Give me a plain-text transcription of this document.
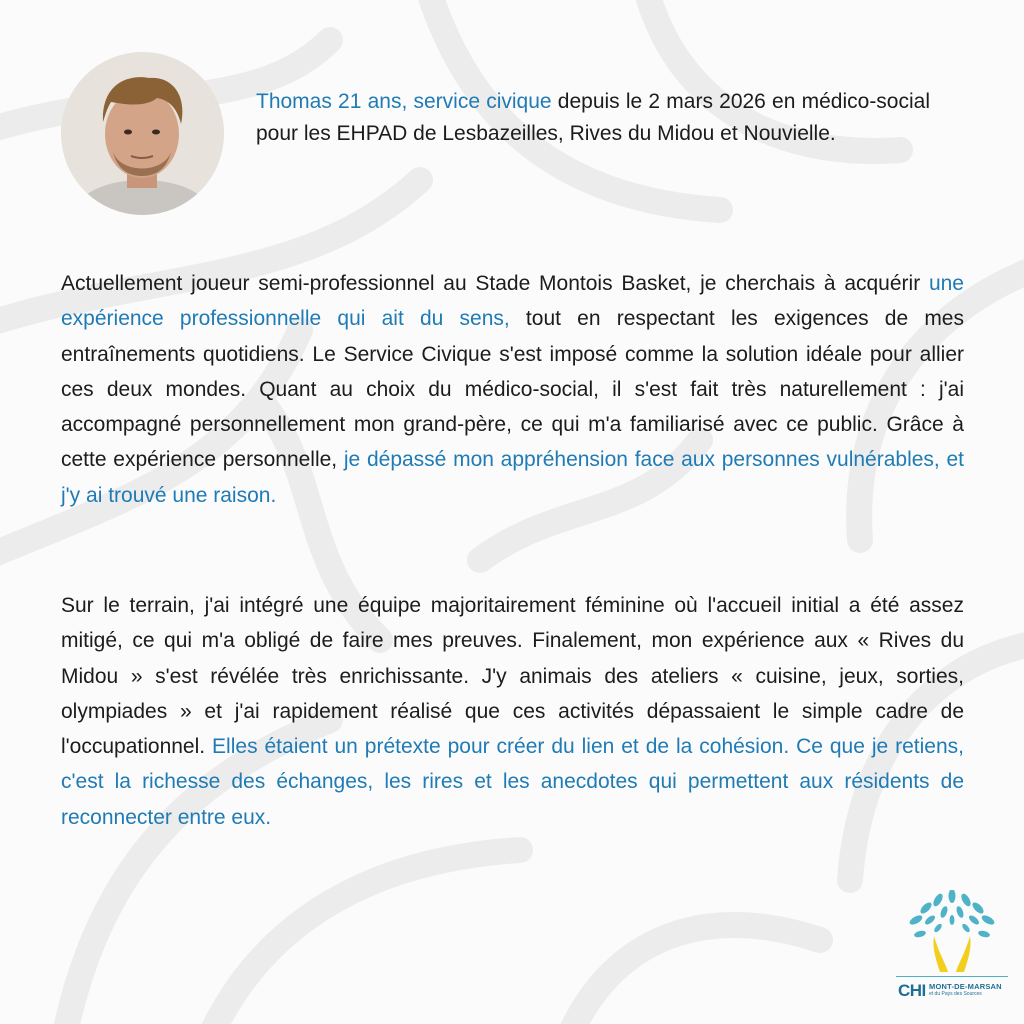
Thomas 21 ans, service civique depuis le 2 mars 2026 en médico-social pour les EHPAD de Lesbazeilles, Rives du Midou et Nouvielle.

Actuellement joueur semi-professionnel au Stade Montois Basket, je cherchais à acquérir une expérience professionnelle qui ait du sens, tout en respectant les exigences de mes entraînements quotidiens. Le Service Civique s'est imposé comme la solution idéale pour allier ces deux mondes. Quant au choix du médico-social, il s'est fait très naturellement : j'ai accompagné personnellement mon grand-père, ce qui m'a familiarisé avec ce public. Grâce à cette expérience personnelle, je dépassé mon appréhension face aux personnes vulnérables, et j'y ai trouvé une raison.

Sur le terrain, j'ai intégré une équipe majoritairement féminine où l'accueil initial a été assez mitigé, ce qui m'a obligé de faire mes preuves. Finalement, mon expérience aux « Rives du Midou » s'est révélée très enrichissante. J'y animais des ateliers « cuisine, jeux, sorties, olympiades » et j'ai rapidement réalisé que ces activités dépassaient le simple cadre de l'occupationnel. Elles étaient un prétexte pour créer du lien et de la cohésion. Ce que je retiens, c'est la richesse des échanges, les rires et les anecdotes qui permettent aux résidents de reconnecter entre eux.

CHI MONT-DE-MARSAN
et du Pays des Sources
